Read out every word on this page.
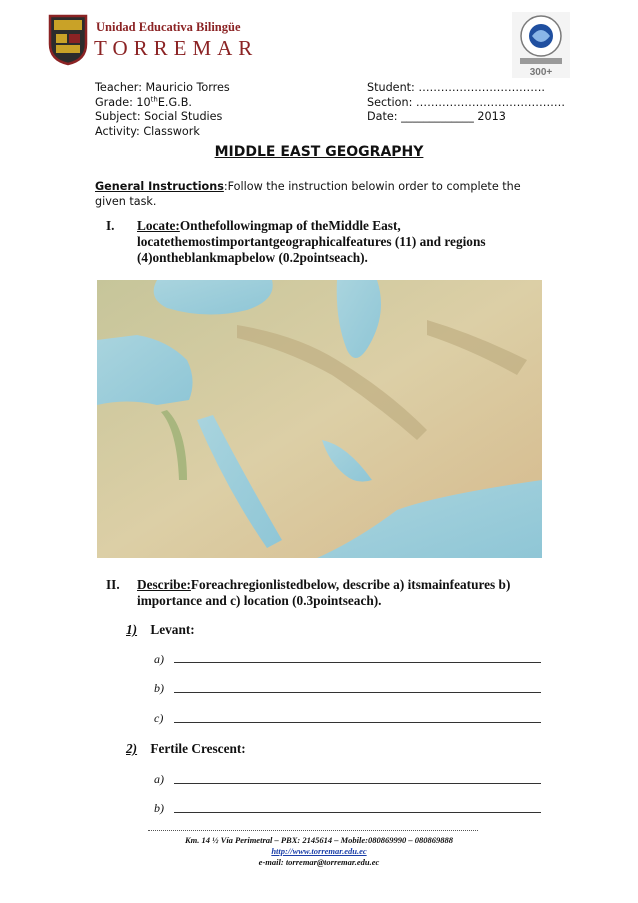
Unidad Educativa Bilingüe
TORREMAR
300+
Teacher: Mauricio Torres
Grade: 10thE.G.B.
Subject: Social Studies
Activity: Classwork
Student: …………………………….
Section: ………………………………….
Date: _____________ 2013
MIDDLE EAST GEOGRAPHY
General Instructions:Follow the instruction belowin order to complete the given task.
I. Locate:Onthefollowingmap of theMiddle East, locatethemostimportantgeographicalfeatures (11) and regions (4)ontheblankmapbelow (0.2pointseach).
II. Describe:Foreachregionlistedbelow, describe a) itsmainfeatures b) importance and c) location (0.3pointseach).
1) Levant:
a)
b)
c)
2) Fertile Crescent:
a)
b)
Km. 14 ½ Vía Perimetral – PBX: 2145614 – Mobile:080869990 – 080869888
http://www.torremar.edu.ec
e-mail: torremar@torremar.edu.ec
